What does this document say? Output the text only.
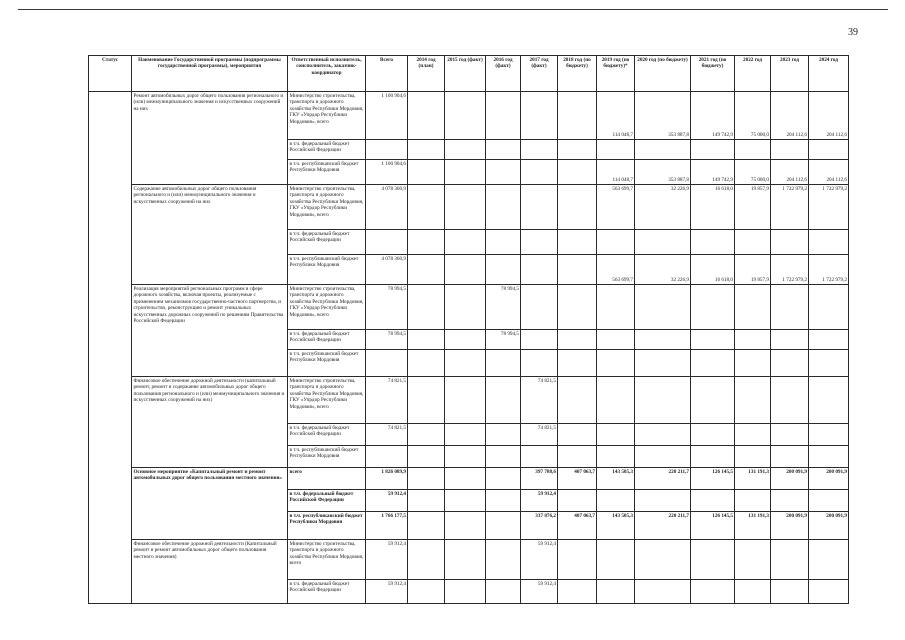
39
Статус	Наименование Государственной программы (подпрограммы государственной программы), мероприятия	Ответственный исполнитель, соисполнитель, заказчик-координатор	Всего	2014 год (план)	2015 год (факт)	2016 год (факт)	2017 год (факт)	2018 год (по бюджету)	2019 год (по бюджету)*	2020 год (по бюджету)	2021 год (по бюджету)	2022 год	2023 год	2024 год
	Ремонт автомобильных дорог общего пользования регионального и (или) межмуниципального значения и искусственных сооружений на них	Министерство строительства, транспорта и дорожного хозяйства Республики Мордовия, ГКУ «Упрдор Республики Мордовия», всего	1 100 904,6						114 048,7	353 887,8	149 742,9	75 000,0	204 112,6	204 112,6
		в т.ч. федеральный бюджет Российской Федерации												
		в т.ч. республиканский бюджет Республики Мордовия	1 100 904,6						114 048,7	353 887,8	149 742,9	75 000,0	204 112,6	204 112,6
	Содержание автомобильных дорог общего пользования регионального и (или) межмуниципального значения и искусственных сооружений на них	Министерство строительства, транспорта и дорожного хозяйства Республики Мордовия, ГКУ «Упрдор Республики Мордовия», всего	4 078 360,9						563 699,7	32 226,9	16 618,0	19 857,9	1 722 979,2	1 722 979,2
		в т.ч. федеральный бюджет Российской Федерации												
		в т.ч. республиканский бюджет Республики Мордовия	4 078 360,9						563 699,7	32 226,9	16 618,0	19 857,9	1 722 979,2	1 722 979,2
	Реализация мероприятий региональных программ в сфере дорожного хозяйства, включая проекты, реализуемые с применением механизмов государственно-частного партнерства, и строительство, реконструкцию и ремонт уникальных искусственных дорожных сооружений по решениям Правительства Российской Федерации	Министерство строительства, транспорта и дорожного хозяйства Республики Мордовия, ГКУ «Упрдор Республики Мордовия», всего	78 994,5			78 994,5								
		в т.ч. федеральный бюджет Российской Федерации	78 994,5			78 994,5								
		в т.ч. республиканский бюджет Республики Мордовия												
	Финансовое обеспечение дорожной деятельности (капитальный ремонт, ремонт и содержание автомобильных дорог общего пользования регионального и (или) межмуниципального значения и искусственных сооружений на них)	Министерство строительства, транспорта и дорожного хозяйства Республики Мордовия, ГКУ «Упрдор Республики Мордовия», всего	74 821,5				74 821,5							
		в т.ч. федеральный бюджет Российской Федерации	74 821,5				74 821,5							
		в т.ч. республиканский бюджет Республики Мордовия												
	Основное мероприятие «Капитальный ремонт и ремонт автомобильных дорог общего пользования местного значения»	всего	1 826 089,9				397 788,6	407 063,7	143 505,3	220 211,7	126 145,5	131 191,3	200 091,9	200 091,9
		в т.ч. федеральный бюджет Российской Федерации	59 912,4				59 912,4							
		в т.ч. республиканский бюджет Республики Мордовия	1 766 177,5				337 876,2	407 063,7	143 505,3	220 211,7	126 145,5	131 191,3	200 091,9	200 091,9
	Финансовое обеспечение дорожной деятельности (Капитальный ремонт и ремонт автомобильных дорог общего пользования местного значения)	Министерство строительства, транспорта и дорожного хозяйства Республики Мордовия, всего	59 912,4				59 912,4							
		в т.ч. федеральный бюджет Российской Федерации	59 912,4				59 912,4							
